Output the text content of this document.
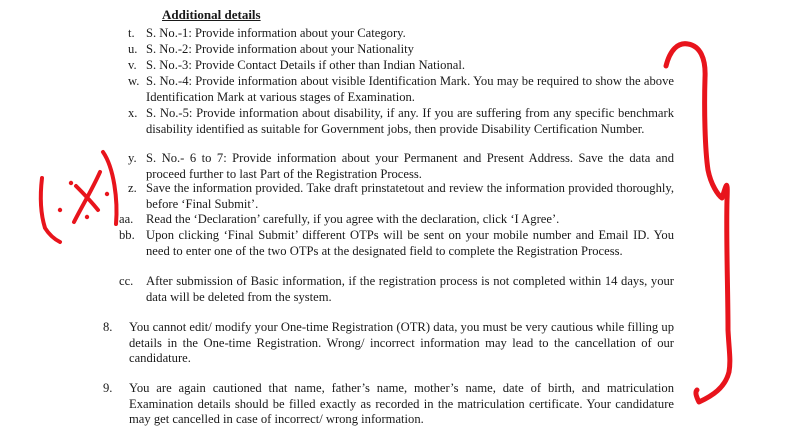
Additional details
t. S. No.-1: Provide information about your Category.
u. S. No.-2: Provide information about your Nationality
v. S. No.-3: Provide Contact Details if other than Indian National.
w. S. No.-4: Provide information about visible Identification Mark. You may be required to show the above Identification Mark at various stages of Examination.
x. S. No.-5: Provide information about disability, if any. If you are suffering from any specific benchmark disability identified as suitable for Government jobs, then provide Disability Certification Number.
y. S. No.- 6 to 7: Provide information about your Permanent and Present Address. Save the data and proceed further to last Part of the Registration Process.
z. Save the information provided. Take draft prinstatetout and review the information provided thoroughly, before ‘Final Submit’.
aa. Read the ‘Declaration’ carefully, if you agree with the declaration, click ‘I Agree’.
bb. Upon clicking ‘Final Submit’ different OTPs will be sent on your mobile number and Email ID. You need to enter one of the two OTPs at the designated field to complete the Registration Process.
cc. After submission of Basic information, if the registration process is not completed within 14 days, your data will be deleted from the system.
8. You cannot edit/ modify your One-time Registration (OTR) data, you must be very cautious while filling up details in the One-time Registration. Wrong/ incorrect information may lead to the cancellation of our candidature.
9. You are again cautioned that name, father’s name, mother’s name, date of birth, and matriculation Examination details should be filled exactly as recorded in the matriculation certificate. Your candidature may get cancelled in case of incorrect/ wrong information.
